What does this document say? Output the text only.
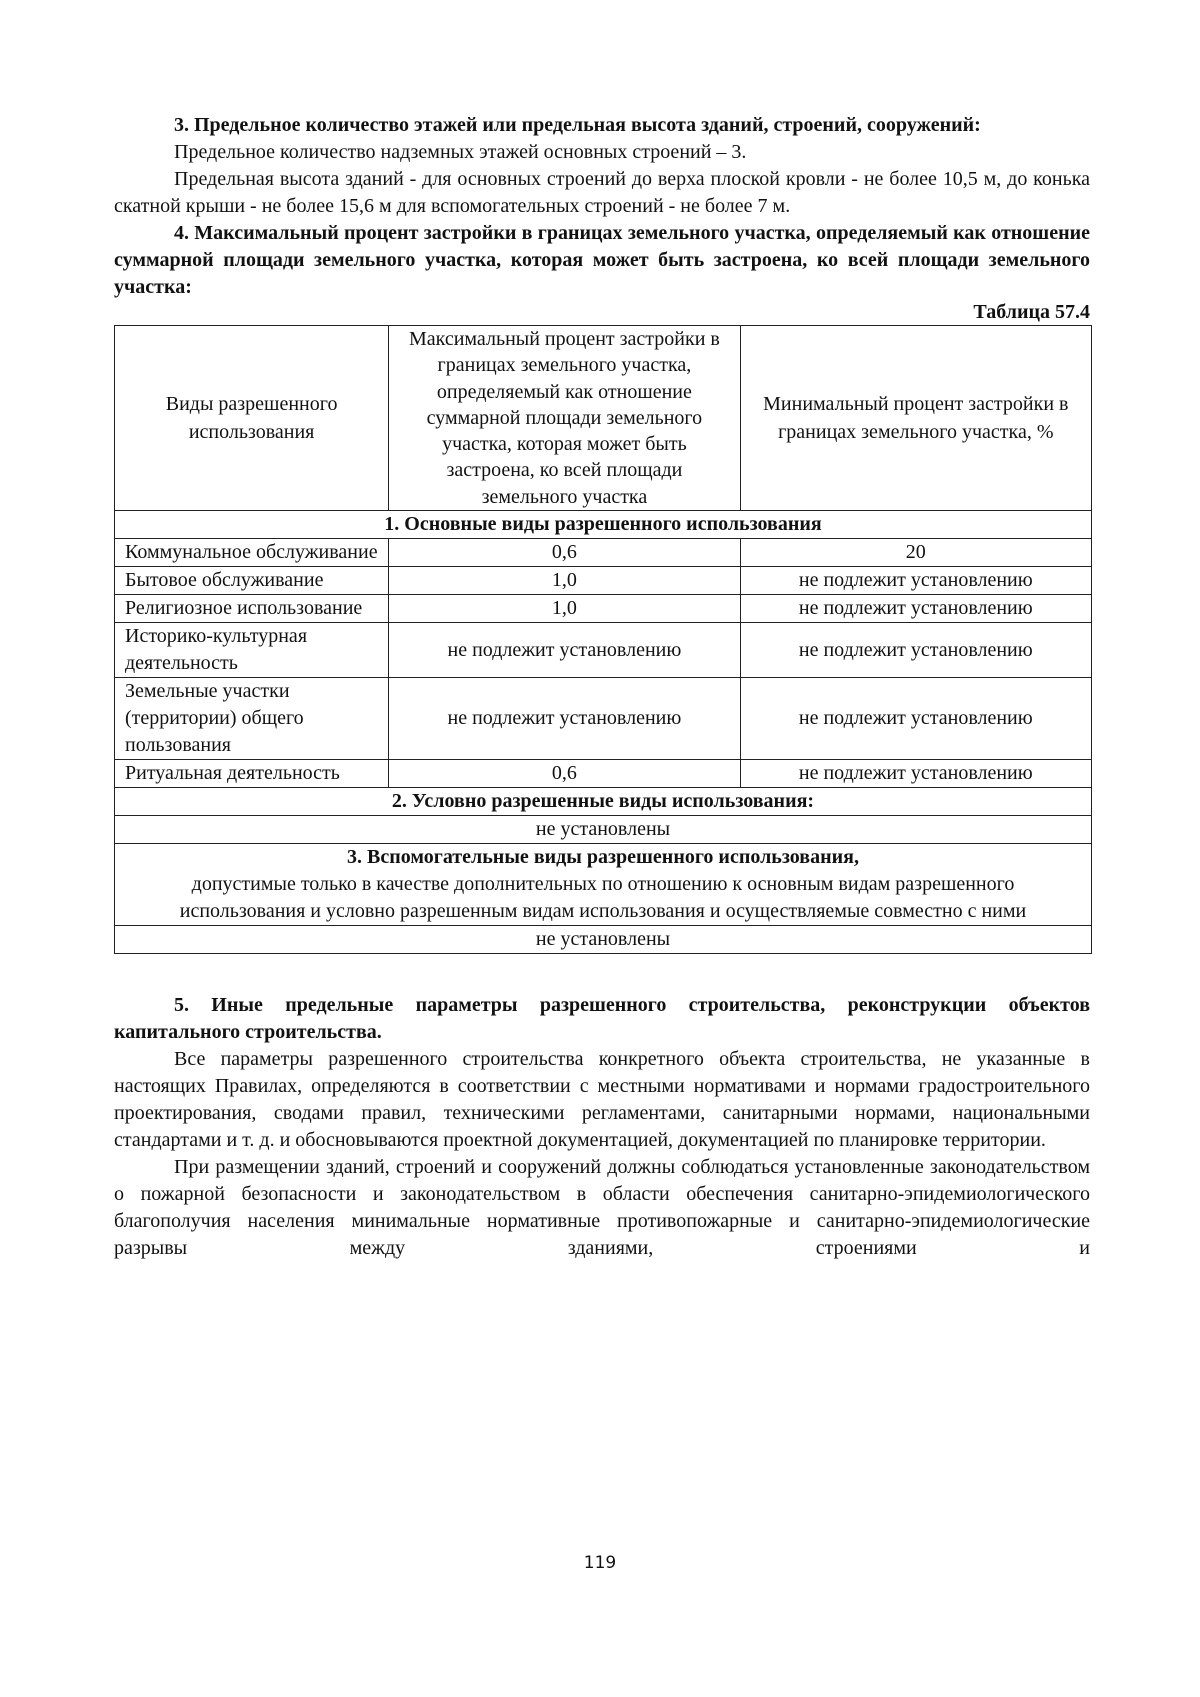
3. Предельное количество этажей или предельная высота зданий, строений, сооружений:

Предельное количество надземных этажей основных строений – 3.

Предельная высота зданий - для основных строений до верха плоской кровли - не более 10,5 м, до конька скатной крыши - не более 15,6 м для вспомогательных строений - не более 7 м.

4. Максимальный процент застройки в границах земельного участка, определяемый как отношение суммарной площади земельного участка, которая может быть застроена, ко всей площади земельного участка:

Таблица 57.4
Виды разрешенного использования	Максимальный процент застройки в границах земельного участка, определяемый как отношение суммарной площади земельного участка, которая может быть застроена, ко всей площади земельного участка	Минимальный процент застройки в границах земельного участка, %
1. Основные виды разрешенного использования		
Коммунальное обслуживание	0,6	20
Бытовое обслуживание	1,0	не подлежит установлению
Религиозное использование	1,0	не подлежит установлению
Историко-культурная деятельность	не подлежит установлению	не подлежит установлению
Земельные участки (территории) общего пользования	не подлежит установлению	не подлежит установлению
Ритуальная деятельность	0,6	не подлежит установлению
2. Условно разрешенные виды использования:		
не установлены		

3. Вспомогательные виды разрешенного использования,
допустимые только в качестве дополнительных по отношению к основным видам разрешенного использования и условно разрешенным видам использования и осуществляемые совместно с ними		

не установлены		

5. Иные предельные параметры разрешенного строительства, реконструкции объектов капитального строительства.

Все параметры разрешенного строительства конкретного объекта строительства, не указанные в настоящих Правилах, определяются в соответствии с местными нормативами и нормами градостроительного проектирования, сводами правил, техническими регламентами, санитарными нормами, национальными стандартами и т. д. и обосновываются проектной документацией, документацией по планировке территории.

При размещении зданий, строений и сооружений должны соблюдаться установленные законодательством о пожарной безопасности и законодательством в области обеспечения санитарно-эпидемиологического благополучия населения минимальные нормативные противопожарные и санитарно-эпидемиологические разрывы между зданиями, строениями и

119
